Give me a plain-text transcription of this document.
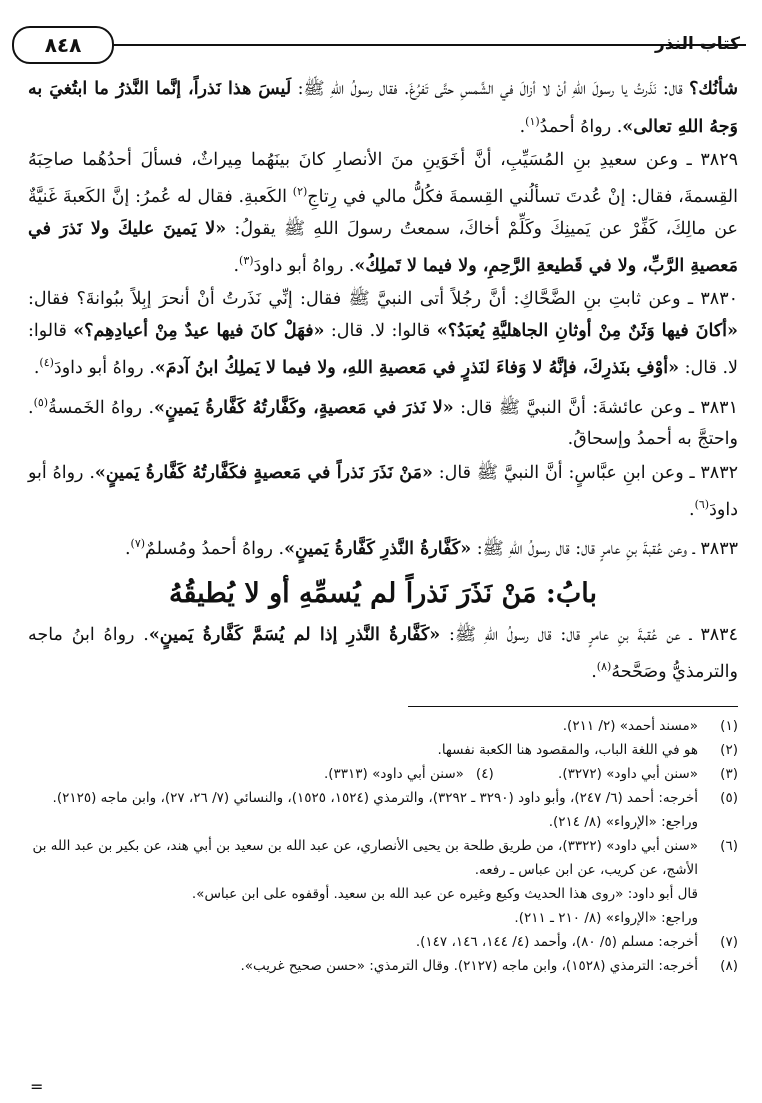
كتاب النذر
٨٤٨

شأنُك؟ قال: نَذَرتُ يا رسولَ اللهِ أنْ لا أزالَ في الشَّمسِ حتَّى تَفرُغَ. فقال رسولُ اللهِ ﷺ: لَيسَ هذا نَذراً، إنَّما النَّذرُ ما ابتُغيَ به وَجهُ اللهِ تعالى». رواهُ أحمدُ$^{(١)}$.

٣٨٢٩ ـ وعن سعيدِ بنِ المُسَيِّبِ، أنَّ أخَوَينِ منَ الأنصارِ كانَ بينَهُما مِيراثٌ، فسألَ أحدُهُما صاحِبَهُ القِسمةَ، فقال: إنْ عُدتَ تسألُني القِسمةَ فكُلُّ مالي في رِتاجِ$^{(٢)}$ الكَعبةِ. فقال له عُمرُ: إنَّ الكَعبةَ غَنيَّةٌ عن مالِكَ، كَفِّرْ عن يَمينِكَ وكَلِّمْ أخاكَ، سمعتُ رسولَ اللهِ ﷺ يقولُ: «لا يَمينَ عليكَ ولا نَذرَ في مَعصيةِ الرَّبِّ، ولا في قَطيعةِ الرَّحِمِ، ولا فيما لا تَملِكُ». رواهُ أبو داودَ$^{(٣)}$.

٣٨٣٠ ـ وعن ثابتِ بنِ الضَّحَّاكِ: أنَّ رجُلاً أتى النبيَّ ﷺ فقال: إنِّي نَذَرتُ أنْ أنحرَ إبِلاً ببُوانةَ؟ فقال: «أكانَ فيها وَثَنٌ مِنْ أوثانِ الجاهليَّةِ يُعبَدُ؟» قالوا: لا. قال: «فهَلْ كانَ فيها عيدٌ مِنْ أعيادِهِم؟» قالوا: لا. قال: «أوْفِ بنَذرِكَ، فإنَّهُ لا وَفاءَ لنَذرٍ في مَعصيةِ اللهِ، ولا فيما لا يَملِكُ ابنُ آدمَ». رواهُ أبو داودَ$^{(٤)}$.

٣٨٣١ ـ وعن عائشةَ: أنَّ النبيَّ ﷺ قال: «لا نَذرَ في مَعصيةٍ، وكَفَّارتُهُ كَفَّارةُ يَمينٍ». رواهُ الخَمسةُ$^{(٥)}$. واحتجَّ به أحمدُ وإسحاقُ.

٣٨٣٢ ـ وعن ابنِ عبَّاسٍ: أنَّ النبيَّ ﷺ قال: «مَنْ نَذَرَ نَذراً في مَعصيةٍ فكَفَّارتُهُ كَفَّارةُ يَمينٍ». رواهُ أبو داودَ$^{(٦)}$.

٣٨٣٣ ـ وعن عُقبةَ بنِ عامرٍ قال: قال رسولُ اللهِ ﷺ: «كَفَّارةُ النَّذرِ كَفَّارةُ يَمينٍ». رواهُ أحمدُ ومُسلمٌ$^{(٧)}$.

بابُ: مَنْ نَذَرَ نَذراً لم يُسمِّهِ أو لا يُطيقُهُ

٣٨٣٤ ـ عن عُقبةَ بنِ عامرٍ قال: قال رسولُ اللهِ ﷺ: «كَفَّارةُ النَّذرِ إذا لم يُسَمَّ كَفَّارةُ يَمينٍ». رواهُ ابنُ ماجه والترمذيُّ وصَحَّحهُ$^{(٨)}$.

(١)
«مسند أحمد» (٢/ ٢١١).
(٢)
هو في اللغة الباب، والمقصود هنا الكعبة نفسها.
(٣)
«سنن أبي داود» (٣٢٧٢). (٤)«سنن أبي داود» (٣٣١٣).
(٥)
أخرجه: أحمد (٦/ ٢٤٧)، وأبو داود (٣٢٩٠ ـ ٣٢٩٢)، والترمذي (١٥٢٤، ١٥٢٥)، والنسائي (٧/ ٢٦، ٢٧)، وابن ماجه (٢١٢٥).
وراجع: «الإرواء» (٨/ ٢١٤).
(٦)
«سنن أبي داود» (٣٣٢٢)، من طريق طلحة بن يحيى الأنصاري، عن عبد الله بن سعيد بن أبي هند، عن بكير بن عبد الله بن الأشج، عن كريب، عن ابن عباس ـ رفعه.
قال أبو داود: «روى هذا الحديث وكيع وغيره عن عبد الله بن سعيد. أوقفوه على ابن عباس».
وراجع: «الإرواء» (٨/ ٢١٠ ـ ٢١١).
(٧)
أخرجه: مسلم (٥/ ٨٠)، وأحمد (٤/ ١٤٤، ١٤٦، ١٤٧).
(٨)
أخرجه: الترمذي (١٥٢٨)، وابن ماجه (٢١٢٧). وقال الترمذي: «حسن صحيح غريب».
=
